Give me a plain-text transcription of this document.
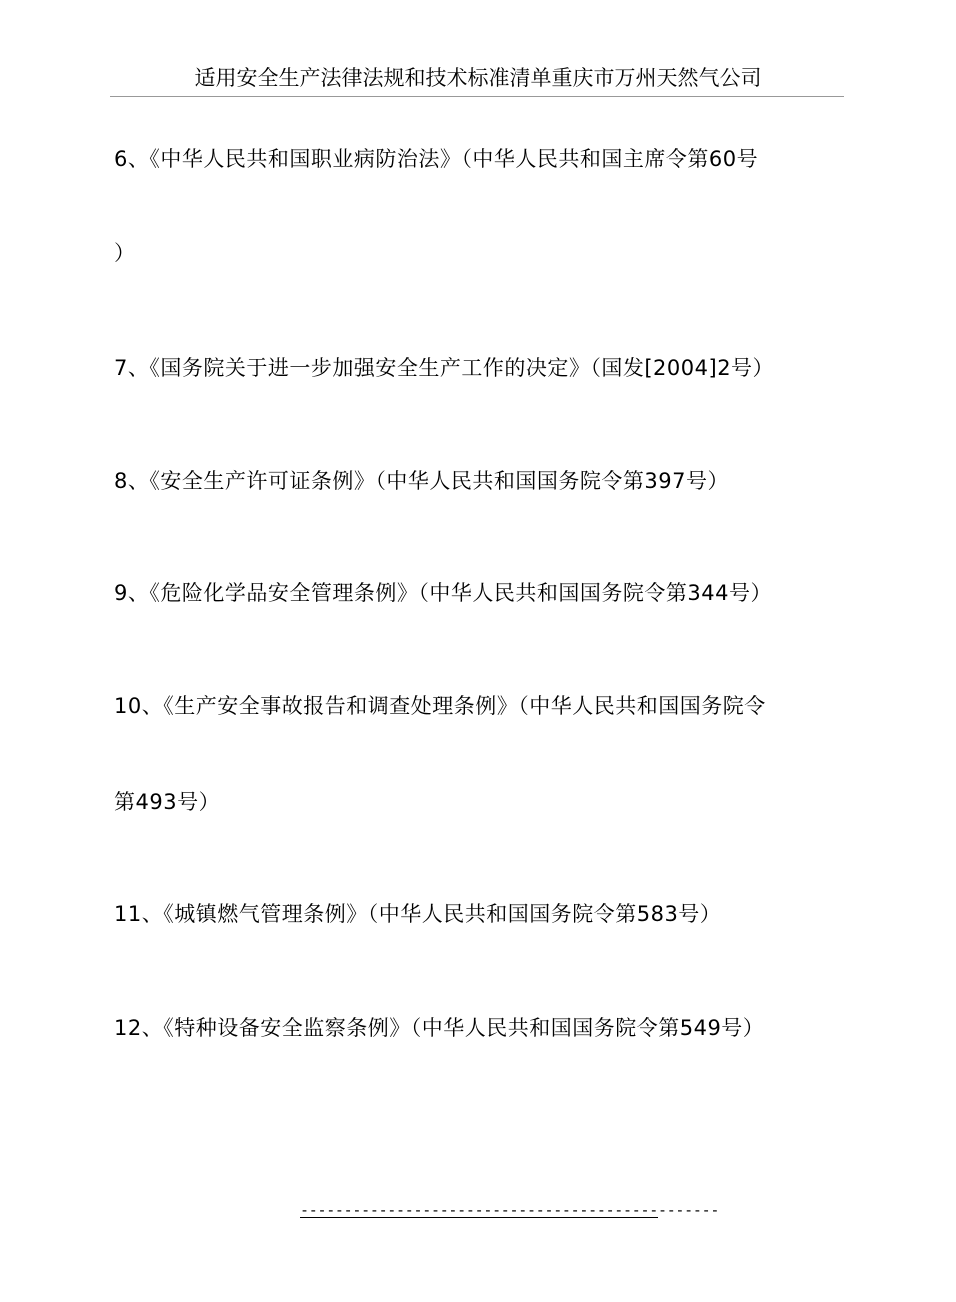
适用安全生产法律法规和技术标准清单重庆市万州天然气公司
6、《中华人民共和国职业病防治法》（中华人民共和国主席令第60号
）
7、《国务院关于进一步加强安全生产工作的决定》（国发[2004]2号）
8、《安全生产许可证条例》（中华人民共和国国务院令第397号）
9、《危险化学品安全管理条例》（中华人民共和国国务院令第344号）
10、《生产安全事故报告和调查处理条例》（中华人民共和国国务院令
第493号）
11、《城镇燃气管理条例》（中华人民共和国国务院令第583号）
12、《特种设备安全监察条例》（中华人民共和国国务院令第549号）
------------------------------------------------
